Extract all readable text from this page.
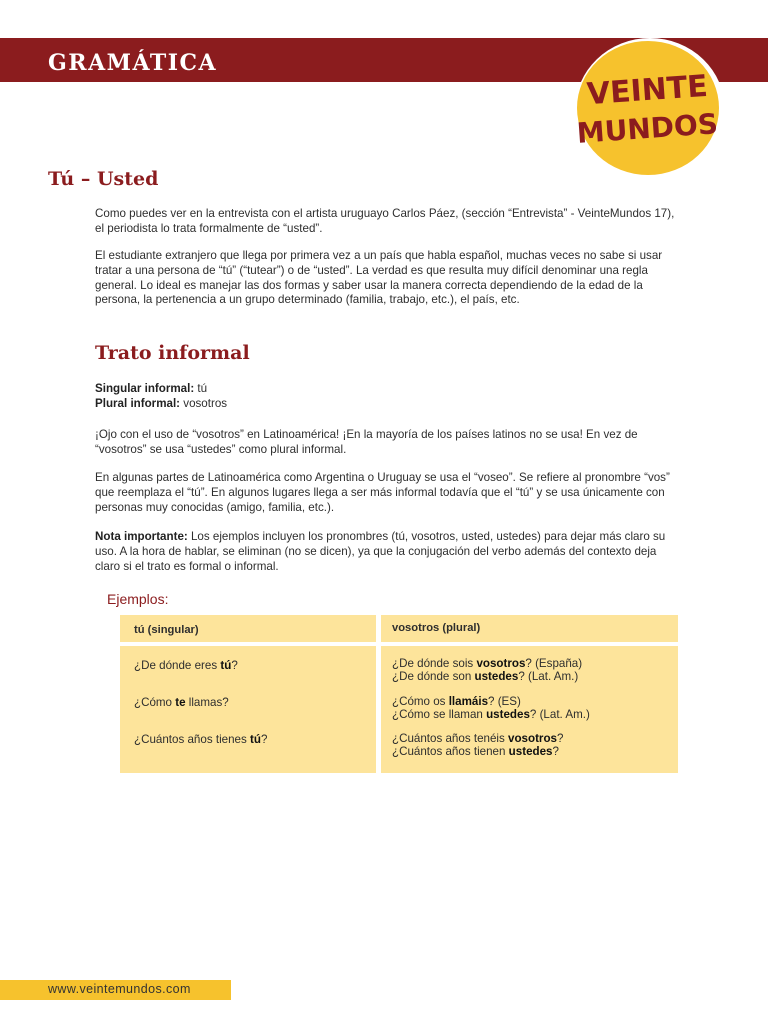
GRAMÁTICA
VEINTE
MUNDOS
Tú – Usted

Como puedes ver en la entrevista con el artista uruguayo Carlos Páez, (sección “Entrevista” - VeinteMundos 17), el periodista lo trata formalmente de “usted”.

El estudiante extranjero que llega por primera vez a un país que habla español, muchas veces no sabe si usar tratar a una persona de “tú” (“tutear”) o de “usted”. La verdad es que resulta muy difícil denominar una regla general. Lo ideal es manejar las dos formas y saber usar la manera correcta dependiendo de la edad de la persona, la pertenencia a un grupo determinado (familia, trabajo, etc.), el país, etc.

Trato informal

Singular informal: tú
Plural informal: vosotros

¡Ojo con el uso de “vosotros” en Latinoamérica! ¡En la mayoría de los países latinos no se usa! En vez de “vosotros” se usa “ustedes” como plural informal.

En algunas partes de Latinoamérica como Argentina o Uruguay se usa el “voseo”. Se refiere al pronombre “vos” que reemplaza el “tú”. En algunos lugares llega a ser más informal todavía que el “tú” y se usa únicamente con personas muy conocidas (amigo, familia, etc.).

Nota importante: Los ejemplos incluyen los pronombres (tú, vosotros, usted, ustedes) para dejar más claro su uso. A la hora de hablar, se eliminan (no se dicen), ya que la conjugación del verbo además del contexto deja claro si el trato es formal o informal.

Ejemplos:
tú (singular)	vosotros (plural)
¿De dónde eres tú?
¿Cómo te llamas?
¿Cuántos años tienes tú?
¿De dónde sois vosotros? (España)
¿De dónde son ustedes? (Lat. Am.)
¿Cómo os llamáis? (ES)
¿Cómo se llaman ustedes? (Lat. Am.)
¿Cuántos años tenéis vosotros?
¿Cuántos años tienen ustedes?
www.veintemundos.com
